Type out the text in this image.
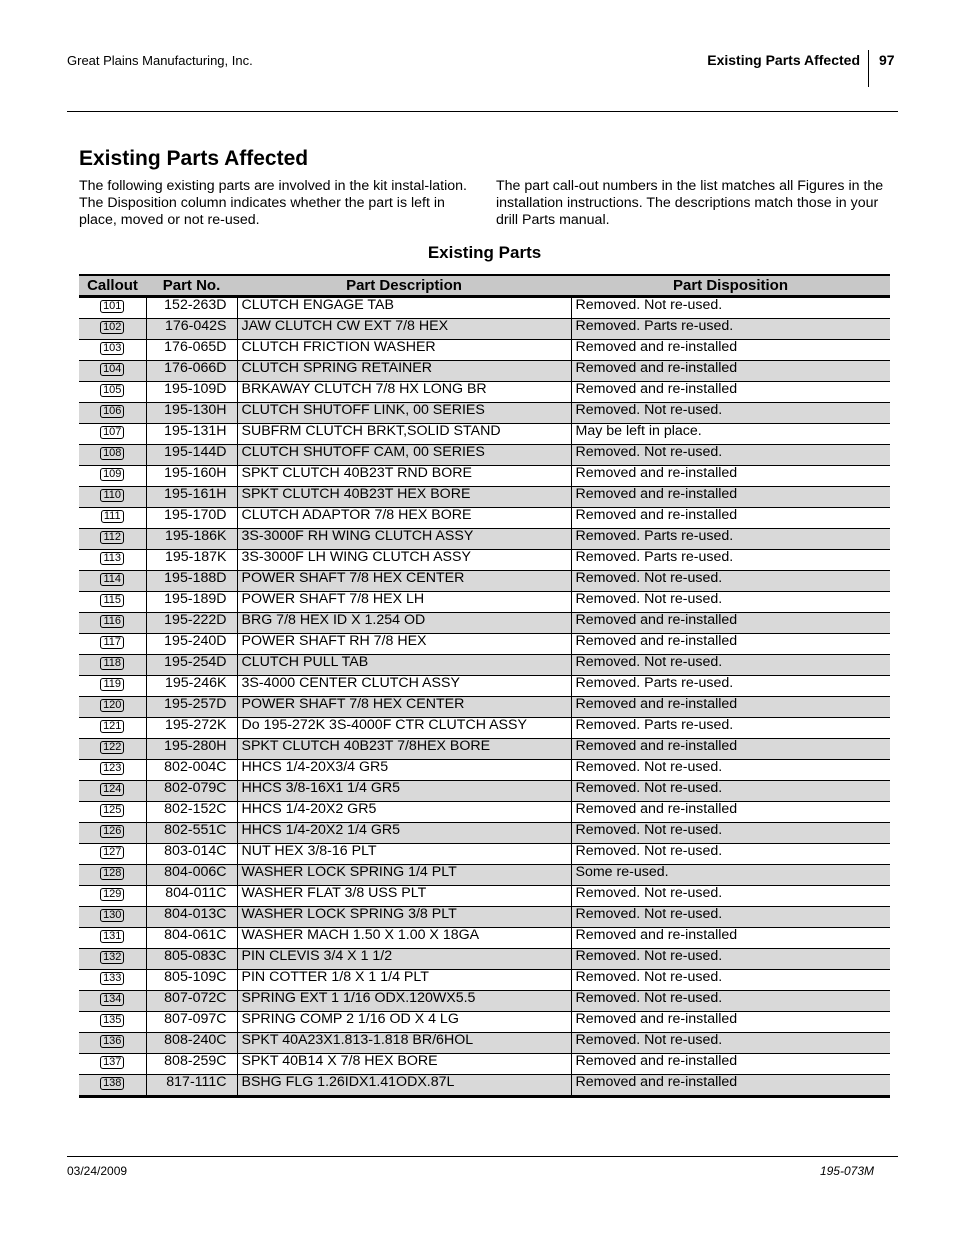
Great Plains Manufacturing, Inc.	Existing Parts Affected 97
Existing Parts Affected

The following existing parts are involved in the kit instal-lation. The Disposition column indicates whether the part is left in place, moved or not re-used.

The part call-out numbers in the list matches all Figures in the installation instructions. The descriptions match those in your drill Parts manual.

Existing Parts
Callout	Part No.	Part Description	Part Disposition
101	152-263D	CLUTCH ENGAGE TAB	Removed. Not re-used.
102	176-042S	JAW CLUTCH CW EXT 7/8 HEX	Removed. Parts re-used.
103	176-065D	CLUTCH FRICTION WASHER	Removed and re-installed
104	176-066D	CLUTCH SPRING RETAINER	Removed and re-installed
105	195-109D	BRKAWAY CLUTCH 7/8 HX LONG BR	Removed and re-installed
106	195-130H	CLUTCH SHUTOFF LINK, 00 SERIES	Removed. Not re-used.
107	195-131H	SUBFRM CLUTCH BRKT,SOLID STAND	May be left in place.
108	195-144D	CLUTCH SHUTOFF CAM, 00 SERIES	Removed. Not re-used.
109	195-160H	SPKT CLUTCH 40B23T RND BORE	Removed and re-installed
110	195-161H	SPKT CLUTCH 40B23T HEX BORE	Removed and re-installed
111	195-170D	CLUTCH ADAPTOR 7/8 HEX BORE	Removed and re-installed
112	195-186K	3S-3000F RH WING CLUTCH ASSY	Removed. Parts re-used.
113	195-187K	3S-3000F LH WING CLUTCH ASSY	Removed. Parts re-used.
114	195-188D	POWER SHAFT 7/8 HEX CENTER	Removed. Not re-used.
115	195-189D	POWER SHAFT 7/8 HEX LH	Removed. Not re-used.
116	195-222D	BRG 7/8 HEX ID X 1.254 OD	Removed and re-installed
117	195-240D	POWER SHAFT RH 7/8 HEX	Removed and re-installed
118	195-254D	CLUTCH PULL TAB	Removed. Not re-used.
119	195-246K	3S-4000 CENTER CLUTCH ASSY	Removed. Parts re-used.
120	195-257D	POWER SHAFT 7/8 HEX CENTER	Removed and re-installed
121	195-272K	Do 195-272K 3S-4000F CTR CLUTCH ASSY	Removed. Parts re-used.
122	195-280H	SPKT CLUTCH 40B23T 7/8HEX BORE	Removed and re-installed
123	802-004C	HHCS 1/4-20X3/4 GR5	Removed. Not re-used.
124	802-079C	HHCS 3/8-16X1 1/4 GR5	Removed. Not re-used.
125	802-152C	HHCS 1/4-20X2 GR5	Removed and re-installed
126	802-551C	HHCS 1/4-20X2 1/4 GR5	Removed. Not re-used.
127	803-014C	NUT HEX 3/8-16 PLT	Removed. Not re-used.
128	804-006C	WASHER LOCK SPRING 1/4 PLT	Some re-used.
129	804-011C	WASHER FLAT 3/8 USS PLT	Removed. Not re-used.
130	804-013C	WASHER LOCK SPRING 3/8 PLT	Removed. Not re-used.
131	804-061C	WASHER MACH 1.50 X 1.00 X 18GA	Removed and re-installed
132	805-083C	PIN CLEVIS 3/4 X 1 1/2	Removed. Not re-used.
133	805-109C	PIN COTTER 1/8 X 1 1/4 PLT	Removed. Not re-used.
134	807-072C	SPRING EXT 1 1/16 ODX.120WX5.5	Removed. Not re-used.
135	807-097C	SPRING COMP 2 1/16 OD X 4 LG	Removed and re-installed
136	808-240C	SPKT 40A23X1.813-1.818 BR/6HOL	Removed. Not re-used.
137	808-259C	SPKT 40B14 X 7/8 HEX BORE	Removed and re-installed
138	817-111C	BSHG FLG 1.26IDX1.41ODX.87L	Removed and re-installed
03/24/2009	195-073M
